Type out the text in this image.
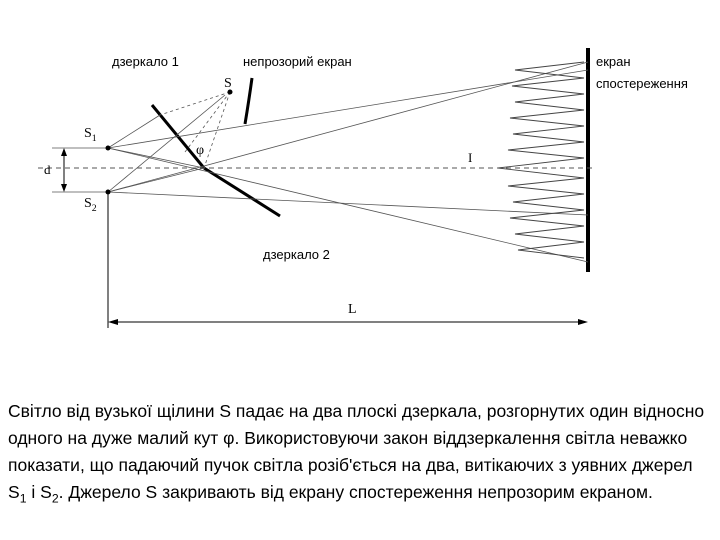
дзеркало 1	непрозорий екран	екран
спостереження
дзеркало 2
S
$S_1$
$S_2$
d
φ	I
L

Світло від вузької щілини S падає на два плоскі дзеркала, розгорнутих один відносно одного на дуже малий кут φ. Використовуючи закон віддзеркалення світла неважко показати, що падаючий пучок світла розіб'ється на два, витікаючих з уявних джерел $S_1$ і $S_2$. Джерело S закривають від екрану спостереження непрозорим екраном.
